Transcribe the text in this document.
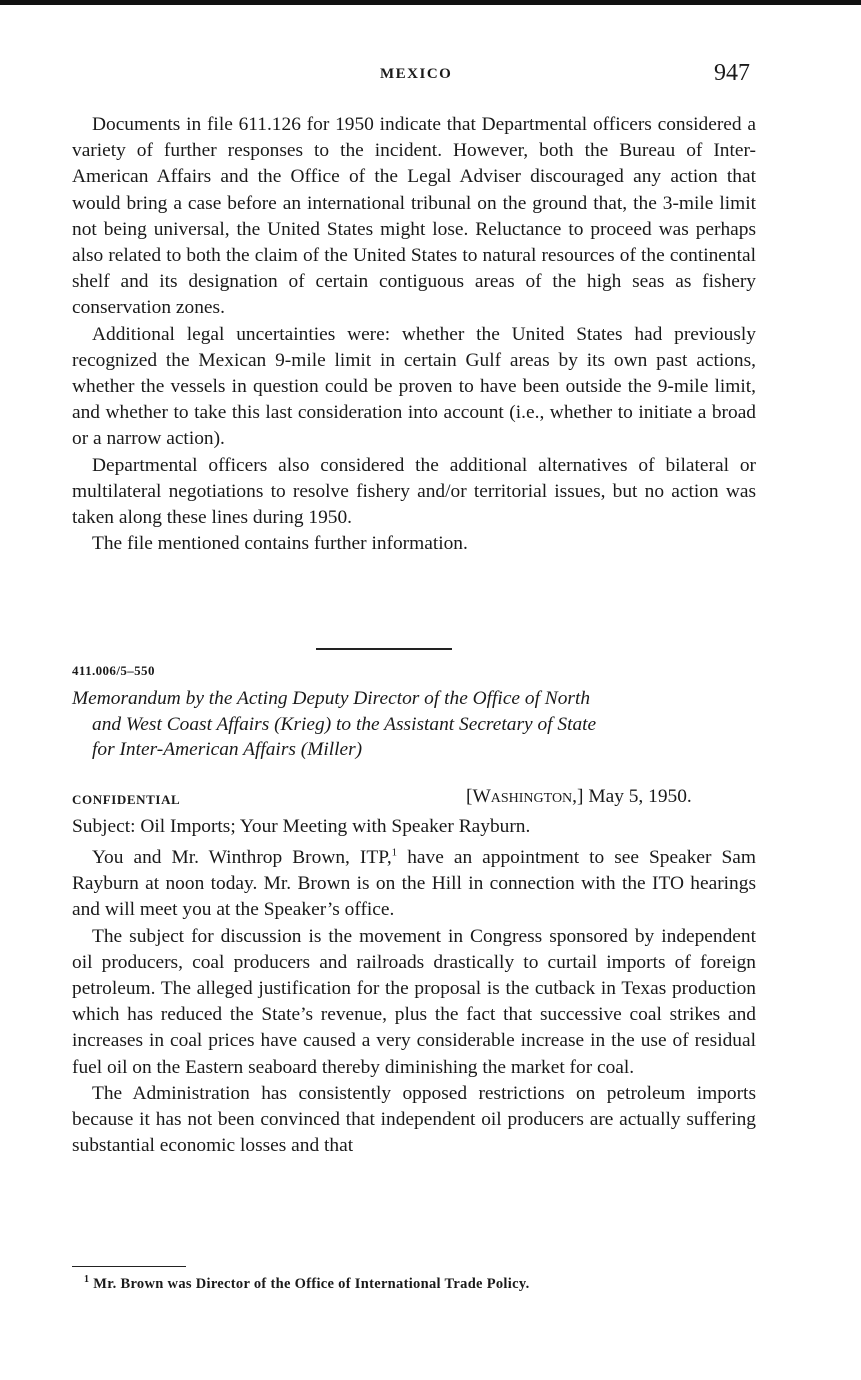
MEXICO	947

Documents in file 611.126 for 1950 indicate that Departmental officers considered a variety of further responses to the incident. However, both the Bureau of Inter-American Affairs and the Office of the Legal Adviser discouraged any action that would bring a case before an international tribunal on the ground that, the 3-mile limit not being universal, the United States might lose. Reluctance to proceed was perhaps also related to both the claim of the United States to natural resources of the continental shelf and its designation of certain contiguous areas of the high seas as fishery conservation zones.

Additional legal uncertainties were: whether the United States had previously recognized the Mexican 9-mile limit in certain Gulf areas by its own past actions, whether the vessels in question could be proven to have been outside the 9-mile limit, and whether to take this last consideration into account (i.e., whether to initiate a broad or a narrow action).

Departmental officers also considered the additional alternatives of bilateral or multilateral negotiations to resolve fishery and/or territorial issues, but no action was taken along these lines during 1950.

The file mentioned contains further information.

411.006/5–550
Memorandum by the Acting Deputy Director of the Office of North
and West Coast Affairs (Krieg) to the Assistant Secretary of State
for Inter-American Affairs (Miller)
CONFIDENTIAL	[Washington,] May 5, 1950.
Subject: Oil Imports; Your Meeting with Speaker Rayburn.

You and Mr. Winthrop Brown, ITP,$^1$ have an appointment to see Speaker Sam Rayburn at noon today. Mr. Brown is on the Hill in connection with the ITO hearings and will meet you at the Speaker’s office.

The subject for discussion is the movement in Congress sponsored by independent oil producers, coal producers and railroads drastically to curtail imports of foreign petroleum. The alleged justification for the proposal is the cutback in Texas production which has reduced the State’s revenue, plus the fact that successive coal strikes and increases in coal prices have caused a very considerable increase in the use of residual fuel oil on the Eastern seaboard thereby diminishing the market for coal.

The Administration has consistently opposed restrictions on petroleum imports because it has not been convinced that independent oil producers are actually suffering substantial economic losses and that

$^1$ Mr. Brown was Director of the Office of International Trade Policy.
